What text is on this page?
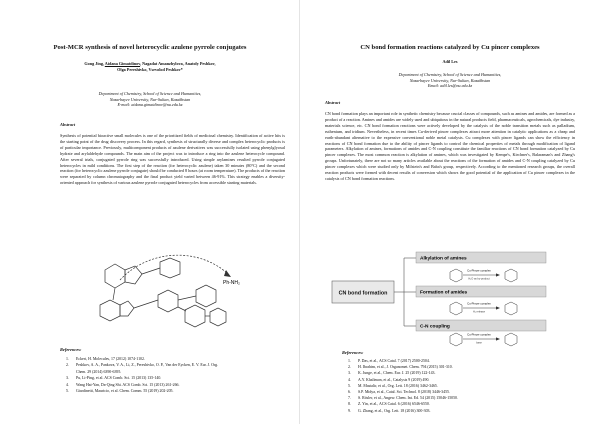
Post-MCR synthesis of novel heterocyclic azulene pyrrole conjugates
Gong Jing, Aidana Gimatdinov, Nagadat Amanzhylova, Anatoly Peshkov,
Olga Pereshivko, Vsevolod Peshkov*
Department of Chemistry, School of Science and Humanities,
Nazarbayev University, Nur-Sultan, Kazakhstan
E-mail: aidana.gimatdinov@nu.edu.kz
Abstract
Synthesis of potential bioactive small molecules is one of the prioritized fields of medicinal chemistry. Identification of active hits is the starting point of the drug discovery process. In this regard, synthesis of structurally diverse and complex heterocyclic products is of particular importance. Previously, multicomponent products of azulene derivatives was successfully isolated using phenylglyoxal hydrate and arylaldehyde compounds. The main aim of the project was to introduce a ring into the azulene heterocycle compound. After several trials, conjugated pyrrole ring was successfully introduced. Using simple arylamines resulted pyrrole conjugated heterocycles in mild conditions. The first step of the reaction (for heterocyclic azulene) taken 30 minutes (80°C) and the second reaction (for heterocyclic azulene pyrrole conjugate) should be conducted 8 hours (at room temperature). The products of the reaction were separated by column chromatography and the final product yield varied between 46-91%. This strategy enables a diversity-oriented approach for synthesis of various azulene pyrrole conjugated heterocycles from accessible starting materials.
Ph-NH₂
References:
1.	Eckert, H. Molecules, 17 (2012) 1074-1102.
2.	Peshkov, A. A., Pankova, V. A., Li, Z., Pereshivko, O. P., Van der Eycken, E. V. Eur. J. Org.
Chem. 29 (2014) 6390-6395.
3.	Pu, Li-Ping, et al. ACS Comb. Sci. 15 (2013) 135-140.
4.	Wang Hai-Yan, Da-Qing Shi. ACS Comb. Sci. 15 (2013) 261-266.
5.	Giardinetti, Mauricio, et al. Chem. Comm. 55 (2019) 202-205.
CN bond formation reactions catalyzed by Cu pincer complexes
Adil Les
Department of Chemistry, School of Science and Humanities,
Nazarbayev University, Nur-Sultan, Kazakhstan
Email: adil.les@nu.edu.kz
Abstract
CN bond formation plays an important role in synthetic chemistry because crucial classes of compounds, such as amines and amides, are formed as a product of a reaction. Amines and amides are widely used and ubiquitous in the natural products field, pharmaceuticals, agrochemicals, dye industry, materials science, etc. CN bond formation reactions were actively developed by the catalysis of the noble transition metals such as palladium, ruthenium, and iridium. Nevertheless, in recent times Cu-derived pincer complexes attract more attention in catalytic applications as a cheap and earth-abundant alternative to the expensive conventional noble metal catalysts. Cu complexes with pincer ligands can show the efficiency in reactions of CN bond formation due to the ability of pincer ligands to control the chemical properties of metals through modification of ligand parameters. Alkylation of amines, formations of amides and C-N coupling constitute the familiar reactions of CN bond formation catalyzed by Cu pincer complexes. The most common reaction is alkylation of amines, which was investigated by Kempe's, Kirchner's, Balaraman's and Zhang's groups. Unfortunately, there are not so many articles available about the reactions of the formation of amides and C-N coupling catalyzed by Cu pincer complexes which were studied only by Milstein's and Baba's group, respectively. According to the mentioned research groups, the overall reaction products were formed with decent results of conversion which shows the good potential of the application of Cu pincer complexes in the catalysis of CN bond formation reactions.
CN bond formation
Alkylation of amines
Cu-Pincer complex
H₂O as by-product
Formation of amides
Cu-Pincer complex
H₂ release
C-N coupling
Cu-Pincer complex
base
References:
1.	P. Das, et al., ACS Catal. 7 (2017) 2500-2504.
2.	H. Ibrahim, et al., J. Organomet. Chem. 794 (2015) 301-310.
3.	K. Junge, et al., Chem. Eur. J. 25 (2019) 122-143.
4.	A.Y. Khalimon, et al., Catalysts 9 (2019) 490.
5.	M. Mastalir, et al., Org. Lett. 18 (2016) 3462-3465.
6.	S.P. Midya, et al., Catal. Sci. Technol. 8 (2018) 3446-3455.
7.	S. Rösler, et al., Angew. Chem. Int. Ed. 54 (2015) 15046-15050.
8.	Z. Yin, et al., ACS Catal. 6 (2016) 6546-6550.
9.	G. Zhang, et al., Org. Lett. 18 (2016) 300-303.
